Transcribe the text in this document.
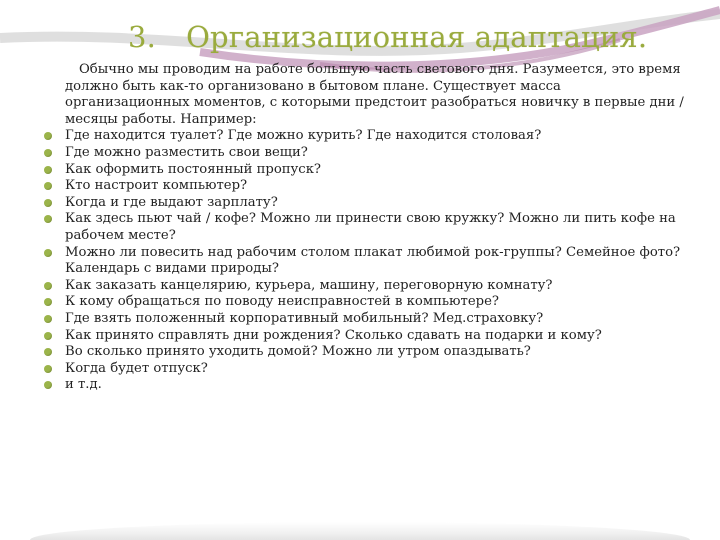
3. Организационная адаптация.

Обычно мы проводим на работе большую часть светового дня. Разумеется, это время должно быть как-то организовано в бытовом плане. Существует масса организационных моментов, с которыми предстоит разобраться новичку в первые дни / месяцы работы. Например:

Где находится туалет? Где можно курить? Где находится столовая?
Где можно разместить свои вещи?
Как оформить постоянный пропуск?
Кто настроит компьютер?
Когда и где выдают зарплату?
Как здесь пьют чай / кофе? Можно ли принести свою кружку? Можно ли пить кофе на рабочем месте?
Можно ли повесить над рабочим столом плакат любимой рок-группы? Семейное фото? Календарь с видами природы?
Как заказать канцелярию, курьера, машину, переговорную комнату?
К кому обращаться по поводу неисправностей в компьютере?
Где взять положенный корпоративный мобильный? Мед.страховку?
Как принято справлять дни рождения? Сколько сдавать на подарки и кому?
Во сколько принято уходить домой? Можно ли утром опаздывать?
Когда будет отпуск?
и т.д.
